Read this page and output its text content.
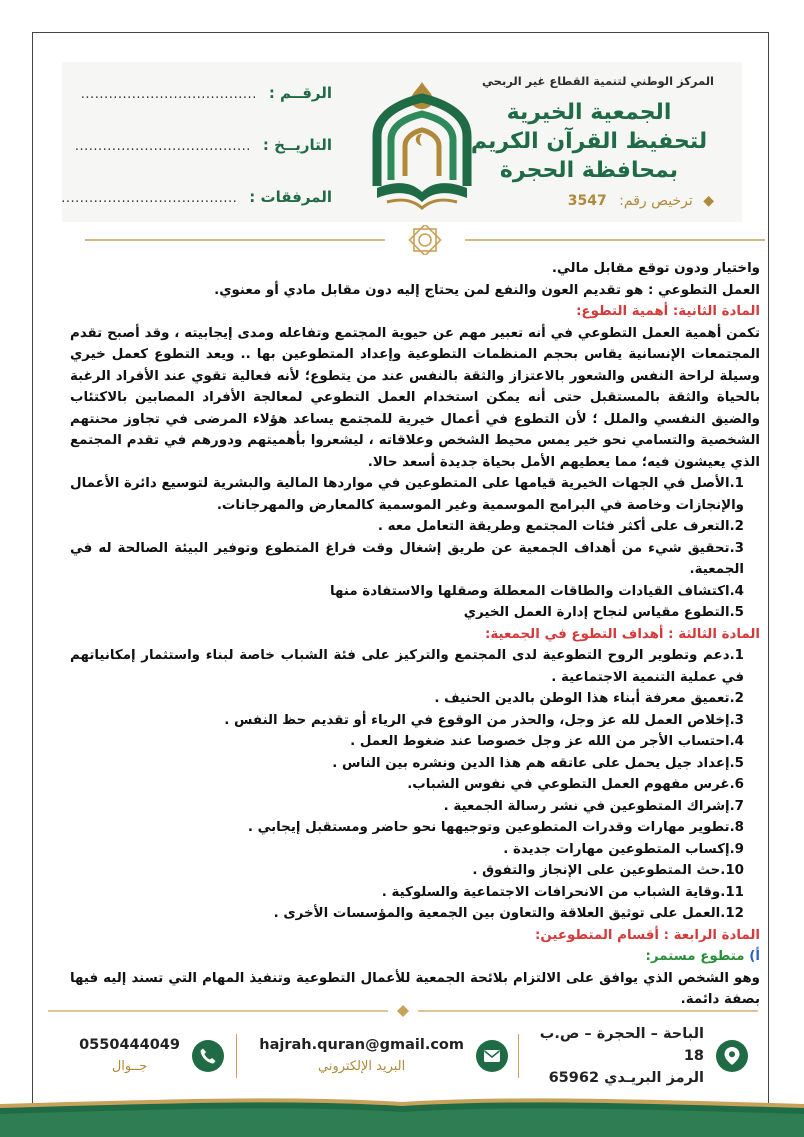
المركز الوطني لتنمية القطاع غير الربحي
الجمعية الخيرية
لتحفيظ القرآن الكريم
بمحافظة الحجرة
◆ ترخيص رقم: 3547
الرقــم :
......................................
التاريــخ :
......................................
المرفقات :
......................................

واختيار ودون توقع مقابل مالي.

العمل التطوعي : هو تقديم العون والنفع لمن يحتاج إليه دون مقابل مادي أو معنوي.

المادة الثانية: أهمية التطوع:

تكمن أهمية العمل التطوعي في أنه تعبير مهم عن حيوية المجتمع وتفاعله ومدى إيجابيته ، وقد أصبح تقدم المجتمعات الإنسانية يقاس بحجم المنظمات التطوعية وإعداد المتطوعين بها .. ويعد التطوع كعمل خيري وسيلة لراحة النفس والشعور بالاعتزاز والثقة بالنفس عند من يتطوع؛ لأنه فعالية تقوي عند الأفراد الرغبة بالحياة والثقة بالمستقبل حتى أنه يمكن استخدام العمل التطوعي لمعالجة الأفراد المصابين بالاكتئاب والضيق النفسي والملل ؛ لأن التطوع في أعمال خيرية للمجتمع يساعد هؤلاء المرضى في تجاوز محنتهم الشخصية والتسامي نحو خير يمس محيط الشخص وعلاقاته ، ليشعروا بأهميتهم ودورهم في تقدم المجتمع الذي يعيشون فيه؛ مما يعطيهم الأمل بحياة جديدة أسعد حالا.

1.الأصل في الجهات الخيرية قيامها على المتطوعين في مواردها المالية والبشرية لتوسيع دائرة الأعمال والإنجازات وخاصة في البرامج الموسمية وغير الموسمية كالمعارض والمهرجانات.

2.التعرف على أكثر فئات المجتمع وطريقة التعامل معه .

3.تحقيق شيء من أهداف الجمعية عن طريق إشغال وقت فراغ المتطوع وتوفير البيئة الصالحة له في الجمعية.

4.اكتشاف القيادات والطاقات المعطلة وصقلها والاستفادة منها

5.التطوع مقياس لنجاح إدارة العمل الخيري

المادة الثالثة : أهداف التطوع في الجمعية:

1.دعم وتطوير الروح التطوعية لدى المجتمع والتركيز على فئة الشباب خاصة لبناء واستثمار إمكانياتهم في عملية التنمية الاجتماعية .

2.تعميق معرفة أبناء هذا الوطن بالدين الحنيف .

3.إخلاص العمل لله عز وجل، والحذر من الوقوع في الرياء أو تقديم حظ النفس .

4.احتساب الأجر من الله عز وجل خصوصا عند ضغوط العمل .

5.إعداد جيل يحمل على عاتقه هم هذا الدين ونشره بين الناس .

6.غرس مفهوم العمل التطوعي في نفوس الشباب.

7.إشراك المتطوعين في نشر رسالة الجمعية .

8.تطوير مهارات وقدرات المتطوعين وتوجيهها نحو حاضر ومستقبل إيجابي .

9.إكساب المتطوعين مهارات جديدة .

10.حث المتطوعين على الإنجاز والتفوق .

11.وقاية الشباب من الانحرافات الاجتماعية والسلوكية .

12.العمل على توثيق العلاقة والتعاون بين الجمعية والمؤسسات الأخرى .

المادة الرابعة : أقسام المتطوعين:

أ) متطوع مستمر:

وهو الشخص الذي يوافق على الالتزام بلائحة الجمعية للأعمال التطوعية وتنفيذ المهام التي تسند إليه فيها بصفة دائمة.

الباحة – الحجرة – ص.ب 18
الرمز البريـدي 65962
hajrah.quran@gmail.com
البريد الإلكتروني
0550444049
جــوال
